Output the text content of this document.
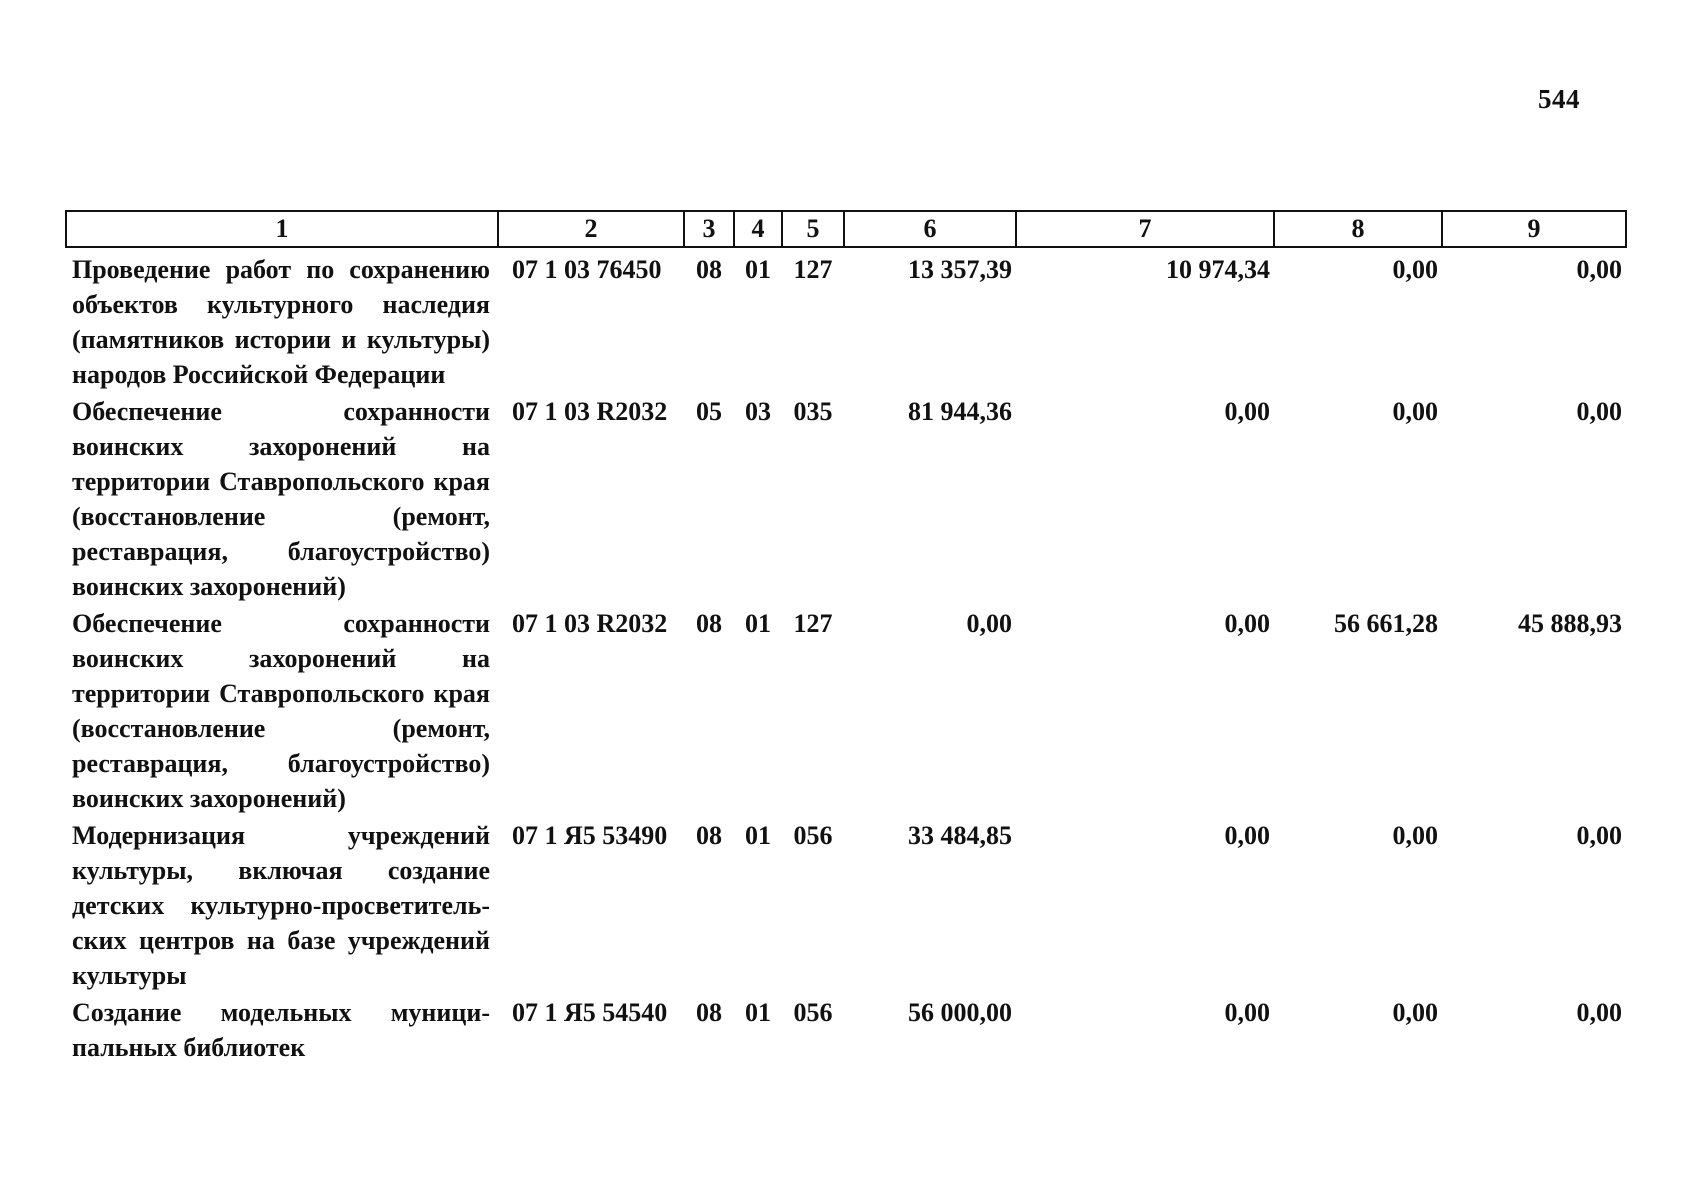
544
1	2	3	4	5	6	7	8	9
Проведение работ по сохранению объектов культурного наследия (памятников истории и культуры) народов Российской Федерации	07 1 03 76450	08	01	127	13 357,39	10 974,34	0,00	0,00
Обеспечение сохранности воинских захоронений на территории Ставропольского края (восстановление (ремонт, реставрация, благоустройство) воинских захоронений)	07 1 03 R2032	05	03	035	81 944,36	0,00	0,00	0,00
Обеспечение сохранности воинских захоронений на территории Ставропольского края (восстановление (ремонт, реставрация, благоустройство) воинских захоронений)	07 1 03 R2032	08	01	127	0,00	0,00	56 661,28	45 888,93
Модернизация учреждений культуры, включая создание детских культурно-просветитель-ских центров на базе учреждений культуры	07 1 Я5 53490	08	01	056	33 484,85	0,00	0,00	0,00
Создание модельных муници-пальных библиотек	07 1 Я5 54540	08	01	056	56 000,00	0,00	0,00	0,00
